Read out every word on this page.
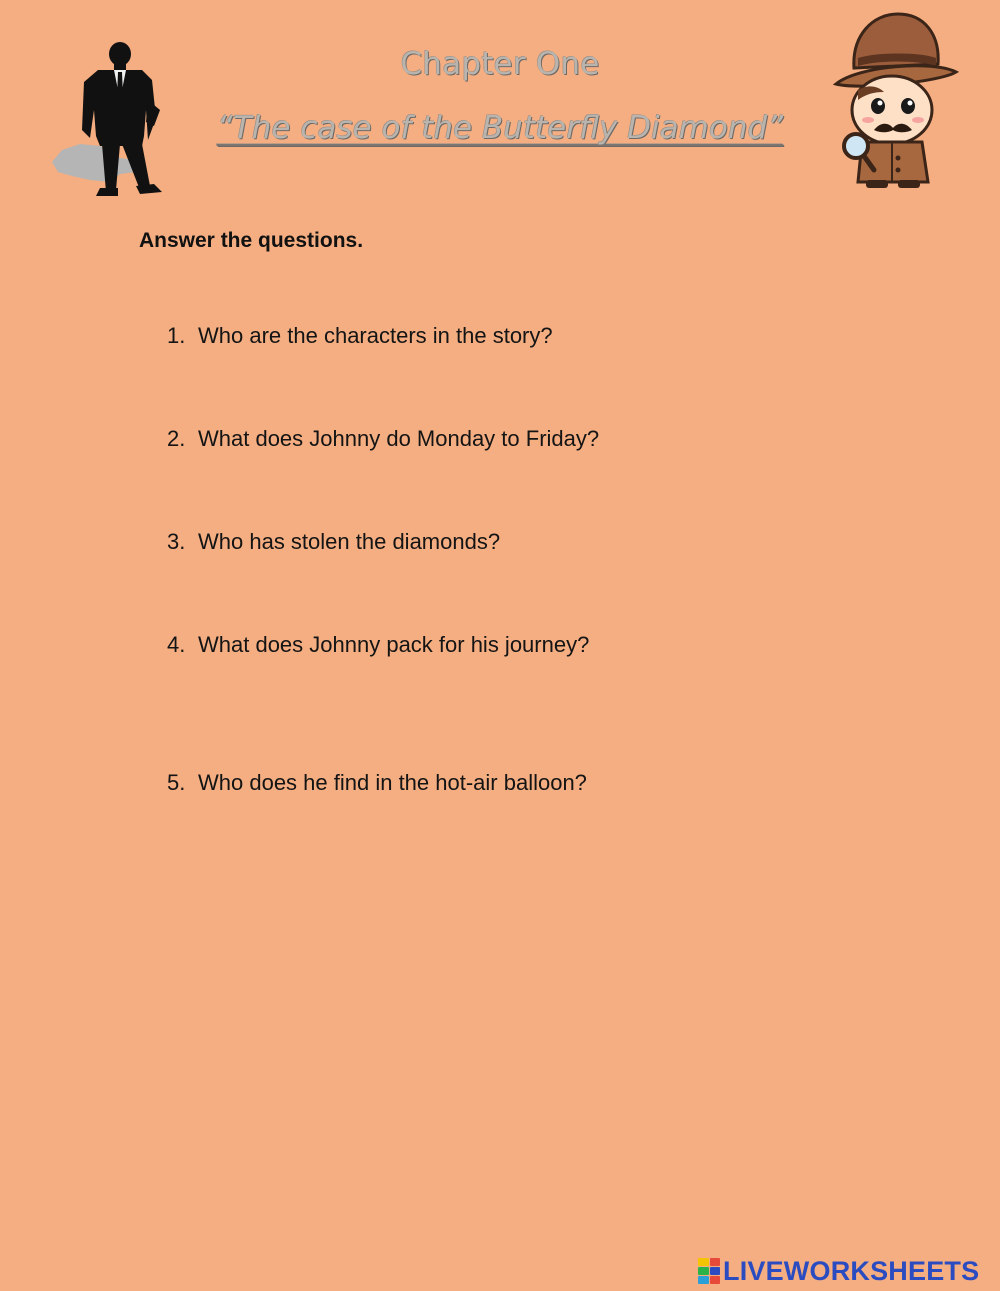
Chapter One
“The case of the Butterfly Diamond”
Answer the questions.
1. Who are the characters in the story?
2. What does Johnny do Monday to Friday?
3. Who has stolen the diamonds?
4. What does Johnny pack for his journey?
5. Who does he find in the hot-air balloon?
LIVEWORKSHEETS
